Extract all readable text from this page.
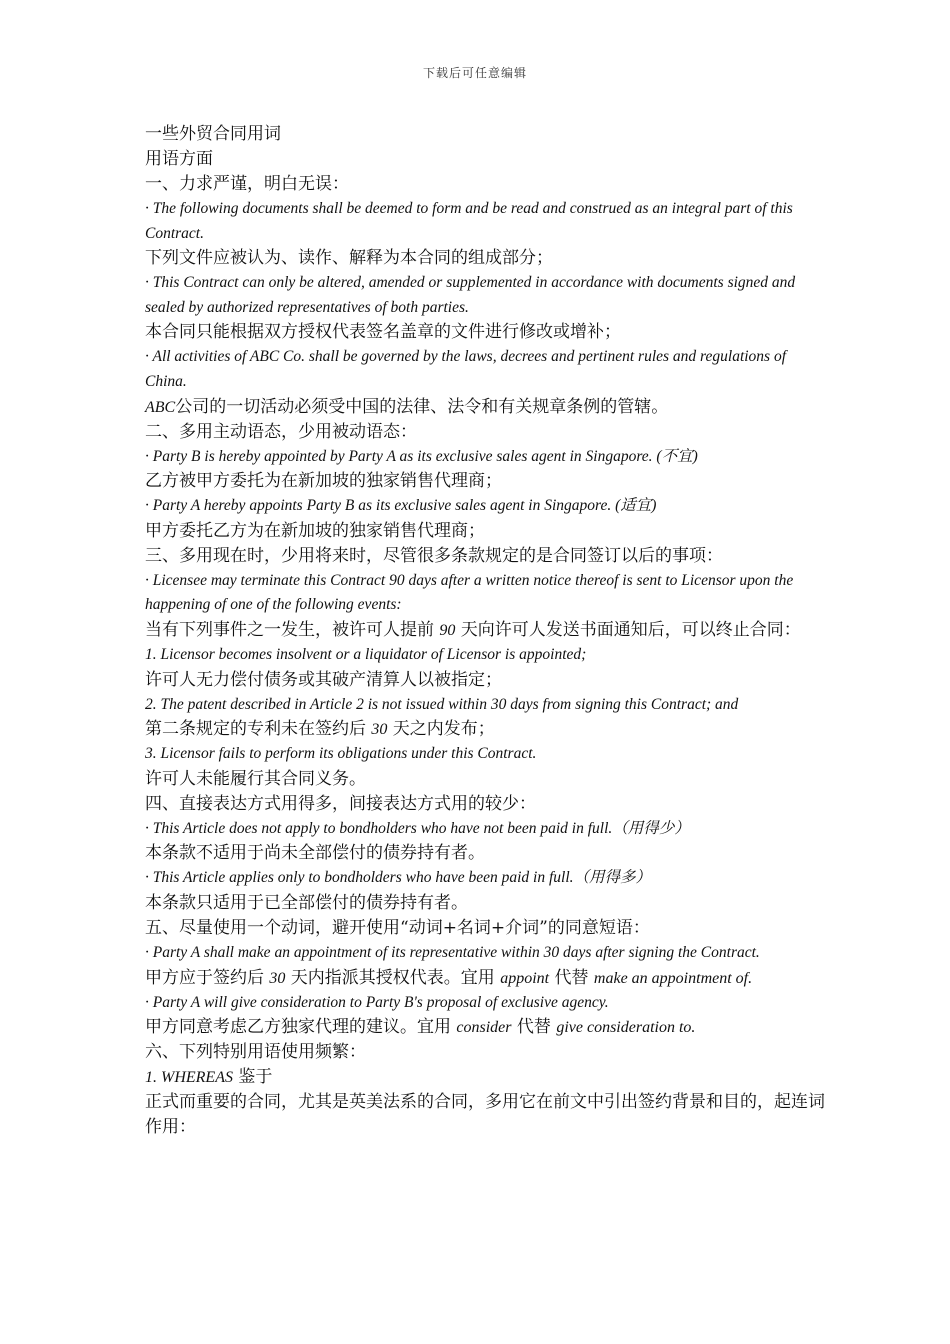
下载后可任意编辑

一些外贸合同用词

用语方面

一、力求严谨，明白无误：

· The following documents shall be deemed to form and be read and construed as an integral part of this Contract.

下列文件应被认为、读作、解释为本合同的组成部分；

· This Contract can only be altered, amended or supplemented in accordance with documents signed and sealed by authorized representatives of both parties.

本合同只能根据双方授权代表签名盖章的文件进行修改或增补；

· All activities of ABC Co. shall be governed by the laws, decrees and pertinent rules and regulations of China.

ABC公司的一切活动必须受中国的法律、法令和有关规章条例的管辖。

二、多用主动语态，少用被动语态：

· Party B is hereby appointed by Party A as its exclusive sales agent in Singapore. (不宜)

乙方被甲方委托为在新加坡的独家销售代理商；

· Party A hereby appoints Party B as its exclusive sales agent in Singapore. (适宜)

甲方委托乙方为在新加坡的独家销售代理商；

三、多用现在时，少用将来时，尽管很多条款规定的是合同签订以后的事项：

· Licensee may terminate this Contract 90 days after a written notice thereof is sent to Licensor upon the happening of one of the following events:

当有下列事件之一发生，被许可人提前 90 天向许可人发送书面通知后，可以终止合同：

1. Licensor becomes insolvent or a liquidator of Licensor is appointed;

许可人无力偿付债务或其破产清算人以被指定；

2. The patent described in Article 2 is not issued within 30 days from signing this Contract; and

第二条规定的专利未在签约后 30 天之内发布；

3. Licensor fails to perform its obligations under this Contract.

许可人未能履行其合同义务。

四、直接表达方式用得多，间接表达方式用的较少：

· This Article does not apply to bondholders who have not been paid in full.（用得少）

本条款不适用于尚未全部偿付的债券持有者。

· This Article applies only to bondholders who have been paid in full.（用得多）

本条款只适用于已全部偿付的债券持有者。

五、尽量使用一个动词，避开使用“动词+名词+介词”的同意短语：

· Party A shall make an appointment of its representative within 30 days after signing the Contract.

甲方应于签约后 30 天内指派其授权代表。宜用 appoint 代替 make an appointment of.

· Party A will give consideration to Party B's proposal of exclusive agency.

甲方同意考虑乙方独家代理的建议。宜用 consider 代替 give consideration to.

六、下列特别用语使用频繁：

1. WHEREAS 鉴于

正式而重要的合同，尤其是英美法系的合同，多用它在前文中引出签约背景和目的，起连词作用：
